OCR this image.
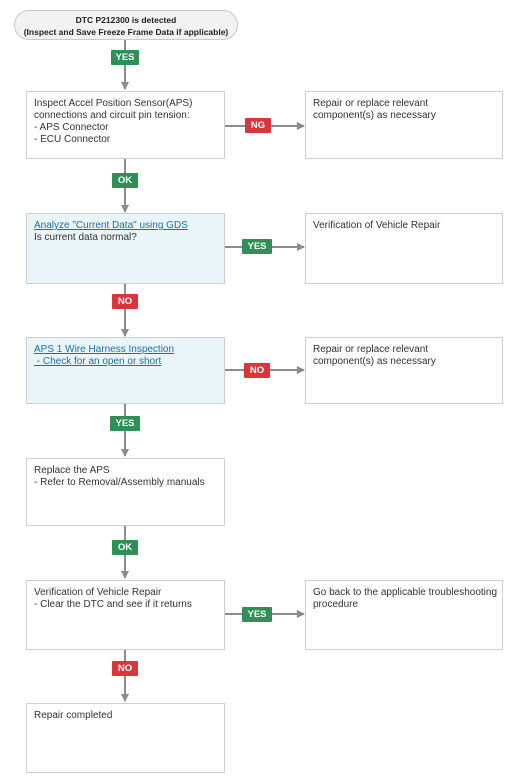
DTC P212300 is detected
(Inspect and Save Freeze Frame Data if applicable)
YES
NG
OK
YES
NO
NO
YES
OK
YES
NO
Inspect Accel Position Sensor(APS)
connections and circuit pin tension:
- APS Connector
- ECU Connector
Repair or replace relevant
component(s) as necessary
Analyze "Current Data" using GDS
Is current data normal?
Verification of Vehicle Repair
APS 1 Wire Harness Inspection
- Check for an open or short
Repair or replace relevant
component(s) as necessary
Replace the APS
- Refer to Removal/Assembly manuals
Verification of Vehicle Repair
- Clear the DTC and see if it returns
Go back to the applicable troubleshooting
procedure
Repair completed
